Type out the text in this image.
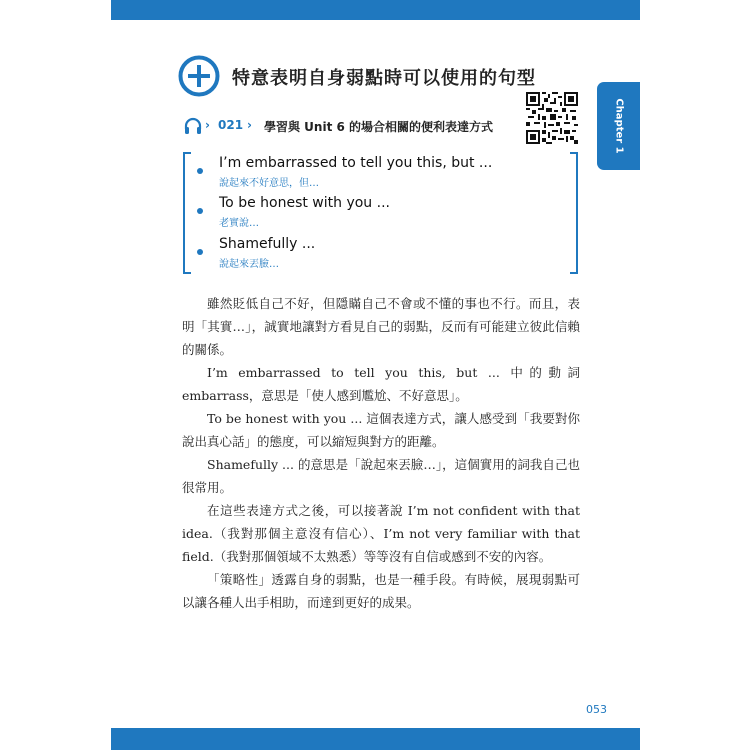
Chapter 1
特意表明自身弱點時可以使用的句型
› 021 › 學習與 Unit 6 的場合相關的便利表達方式
I’m embarrassed to tell you this, but ...
說起來不好意思，但…
To be honest with you ...
老實說…
Shamefully ...
說起來丟臉…

雖然貶低自己不好，但隱瞞自己不會或不懂的事也不行。而且，表明「其實…」，誠實地讓對方看見自己的弱點，反而有可能建立彼此信賴的關係。

I’m embarrassed to tell you this, but ... 中的動詞 embarrass，意思是「使人感到尷尬、不好意思」。

To be honest with you ... 這個表達方式，讓人感受到「我要對你說出真心話」的態度，可以縮短與對方的距離。

Shamefully ... 的意思是「說起來丟臉…」，這個實用的詞我自己也很常用。

在這些表達方式之後，可以接著說 I’m not confident with that idea.（我對那個主意沒有信心）、I’m not very familiar with that field.（我對那個領域不太熟悉）等等沒有自信或感到不安的內容。

「策略性」透露自身的弱點，也是一種手段。有時候，展現弱點可以讓各種人出手相助，而達到更好的成果。

053
